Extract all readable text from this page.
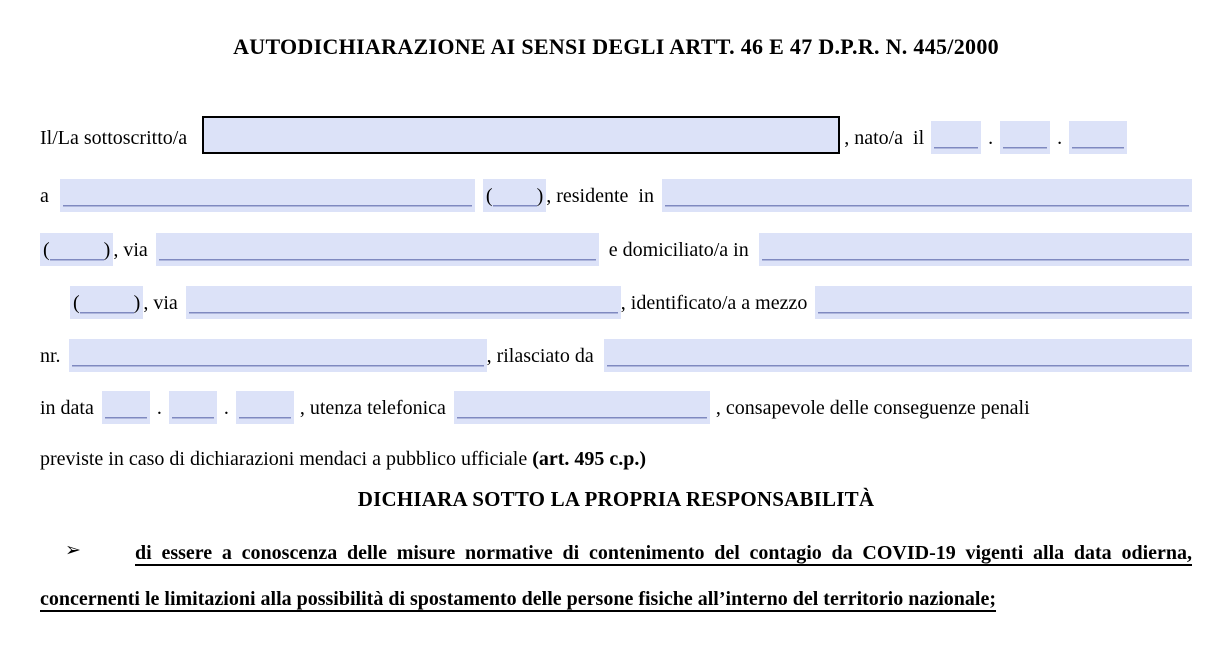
AUTODICHIARAZIONE AI SENSI DEGLI ARTT. 46 E 47 D.P.R. N. 445/2000
Il/La sottoscritto/a	, nato/a  il	.	.
a	( ) , residente  in
(	) , via	e domiciliato/a in
(	) , via	, identificato/a a mezzo
nr.	, rilasciato da
in data	.	.	, utenza telefonica	, consapevole delle conseguenze penali

previste in caso di dichiarazioni mendaci a pubblico ufficiale (art. 495 c.p.)

DICHIARA SOTTO LA PROPRIA RESPONSABILITÀ

➢	di essere a conoscenza delle misure normative di contenimento del contagio da COVID-19 vigenti alla data odierna, concernenti le limitazioni alla possibilità di spostamento delle persone fisiche all’interno del territorio nazionale;
